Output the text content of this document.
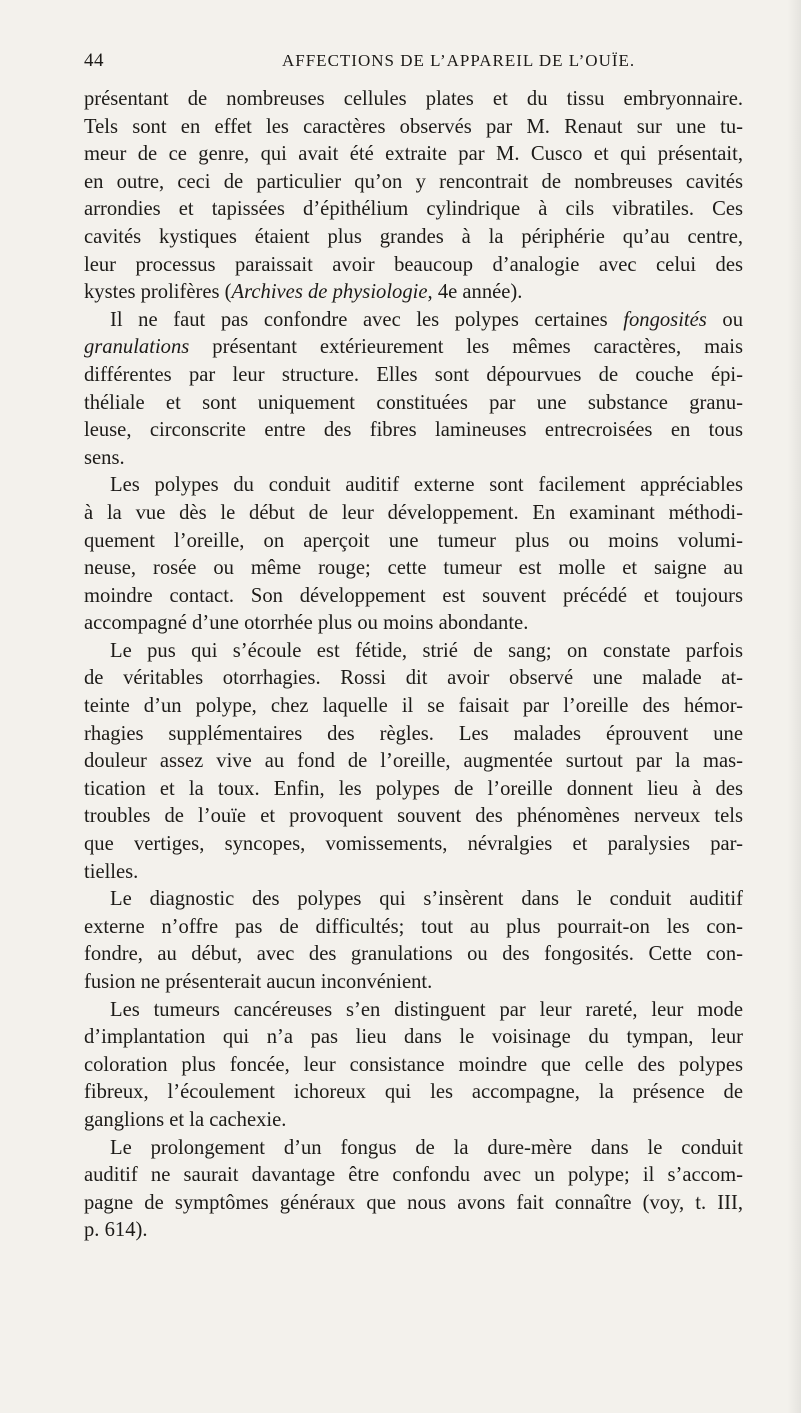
44	AFFECTIONS DE L’APPAREIL DE L’OUÏE.

présentant de nombreuses cellules plates et du tissu embryonnaire.
Tels sont en effet les caractères observés par M. Renaut sur une tu-
meur de ce genre, qui avait été extraite par M. Cusco et qui présentait,
en outre, ceci de particulier qu’on y rencontrait de nombreuses cavités
arrondies et tapissées d’épithélium cylindrique à cils vibratiles. Ces
cavités kystiques étaient plus grandes à la périphérie qu’au centre,
leur processus paraissait avoir beaucoup d’analogie avec celui des
kystes prolifères (Archives de physiologie, 4e année).

Il ne faut pas confondre avec les polypes certaines fongosités ou
granulations présentant extérieurement les mêmes caractères, mais
différentes par leur structure. Elles sont dépourvues de couche épi-
théliale et sont uniquement constituées par une substance granu-
leuse, circonscrite entre des fibres lamineuses entrecroisées en tous
sens.

Les polypes du conduit auditif externe sont facilement appréciables
à la vue dès le début de leur développement. En examinant méthodi-
quement l’oreille, on aperçoit une tumeur plus ou moins volumi-
neuse, rosée ou même rouge; cette tumeur est molle et saigne au
moindre contact. Son développement est souvent précédé et toujours
accompagné d’une otorrhée plus ou moins abondante.

Le pus qui s’écoule est fétide, strié de sang; on constate parfois
de véritables otorrhagies. Rossi dit avoir observé une malade at-
teinte d’un polype, chez laquelle il se faisait par l’oreille des hémor-
rhagies supplémentaires des règles. Les malades éprouvent une
douleur assez vive au fond de l’oreille, augmentée surtout par la mas-
tication et la toux. Enfin, les polypes de l’oreille donnent lieu à des
troubles de l’ouïe et provoquent souvent des phénomènes nerveux tels
que vertiges, syncopes, vomissements, névralgies et paralysies par-
tielles.

Le diagnostic des polypes qui s’insèrent dans le conduit auditif
externe n’offre pas de difficultés; tout au plus pourrait-on les con-
fondre, au début, avec des granulations ou des fongosités. Cette con-
fusion ne présenterait aucun inconvénient.

Les tumeurs cancéreuses s’en distinguent par leur rareté, leur mode
d’implantation qui n’a pas lieu dans le voisinage du tympan, leur
coloration plus foncée, leur consistance moindre que celle des polypes
fibreux, l’écoulement ichoreux qui les accompagne, la présence de
ganglions et la cachexie.

Le prolongement d’un fongus de la dure-mère dans le conduit
auditif ne saurait davantage être confondu avec un polype; il s’accom-
pagne de symptômes généraux que nous avons fait connaître (voy, t. III,
p. 614).
